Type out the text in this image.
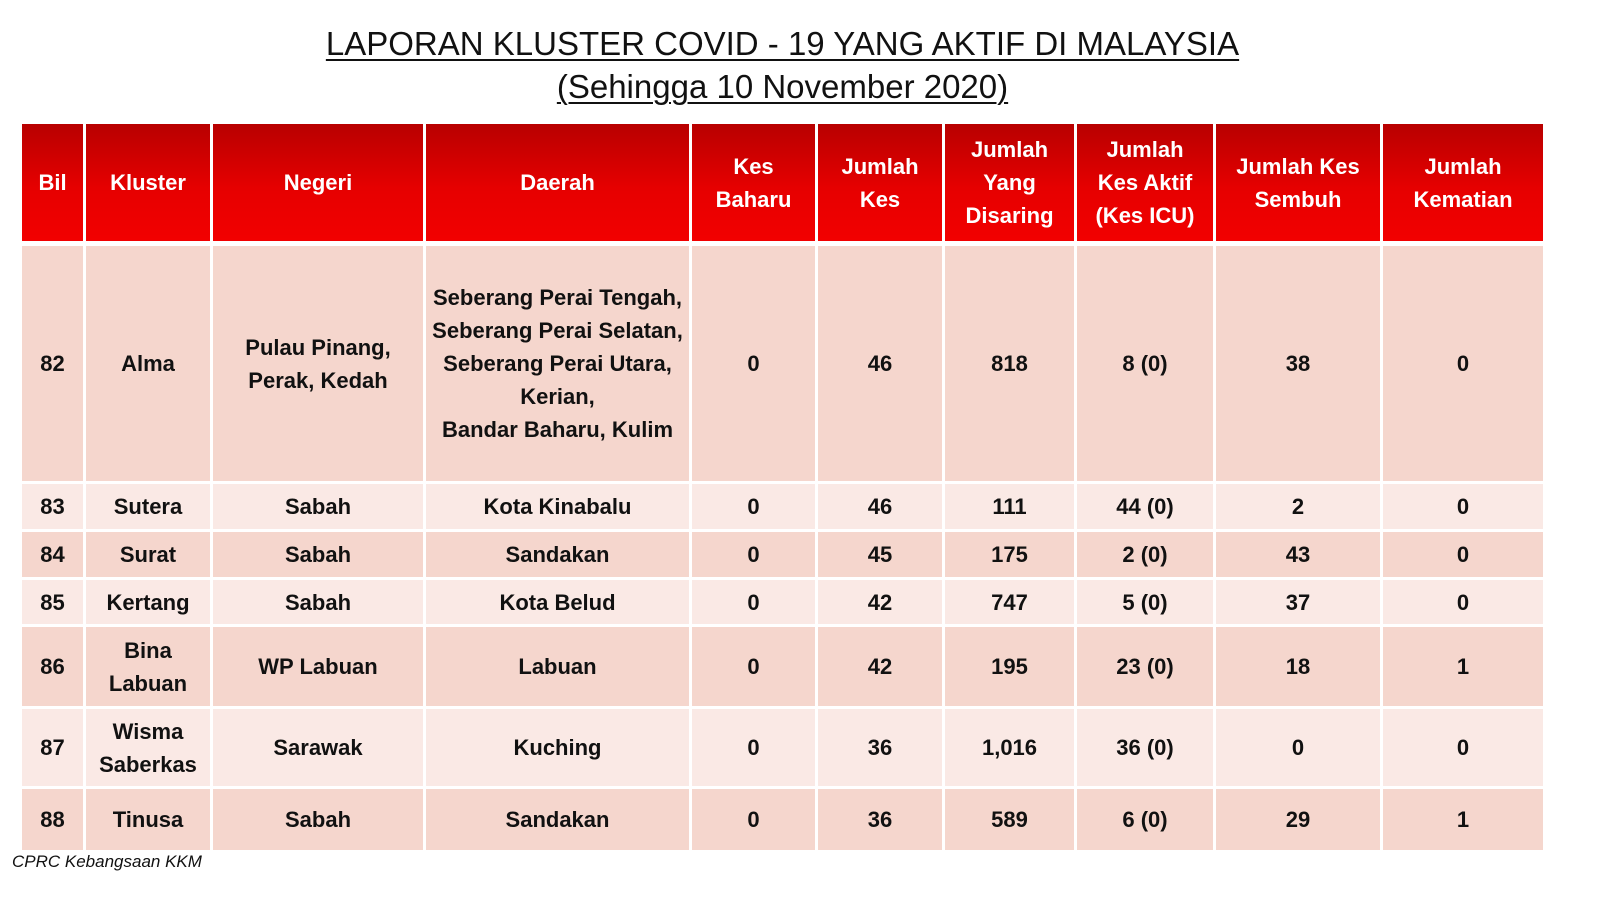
LAPORAN KLUSTER COVID - 19 YANG AKTIF DI MALAYSIA
(Sehingga 10 November 2020)
Bil	Kluster	Negeri	Daerah	Kes Baharu	Jumlah Kes	Jumlah Yang Disaring	Jumlah Kes Aktif (Kes ICU)	Jumlah Kes Sembuh	Jumlah Kematian
82	Alma	Pulau Pinang, Perak, Kedah	Seberang Perai Tengah,
Seberang Perai Selatan,
Seberang Perai Utara,
Kerian,
Bandar Baharu, Kulim	0	46	818	8 (0)	38	0
83	Sutera	Sabah	Kota Kinabalu	0	46	111	44 (0)	2	0
84	Surat	Sabah	Sandakan	0	45	175	2 (0)	43	0
85	Kertang	Sabah	Kota Belud	0	42	747	5 (0)	37	0
86	Bina Labuan	WP Labuan	Labuan	0	42	195	23 (0)	18	1
87	Wisma Saberkas	Sarawak	Kuching	0	36	1,016	36 (0)	0	0
88	Tinusa	Sabah	Sandakan	0	36	589	6 (0)	29	1
CPRC Kebangsaan KKM
